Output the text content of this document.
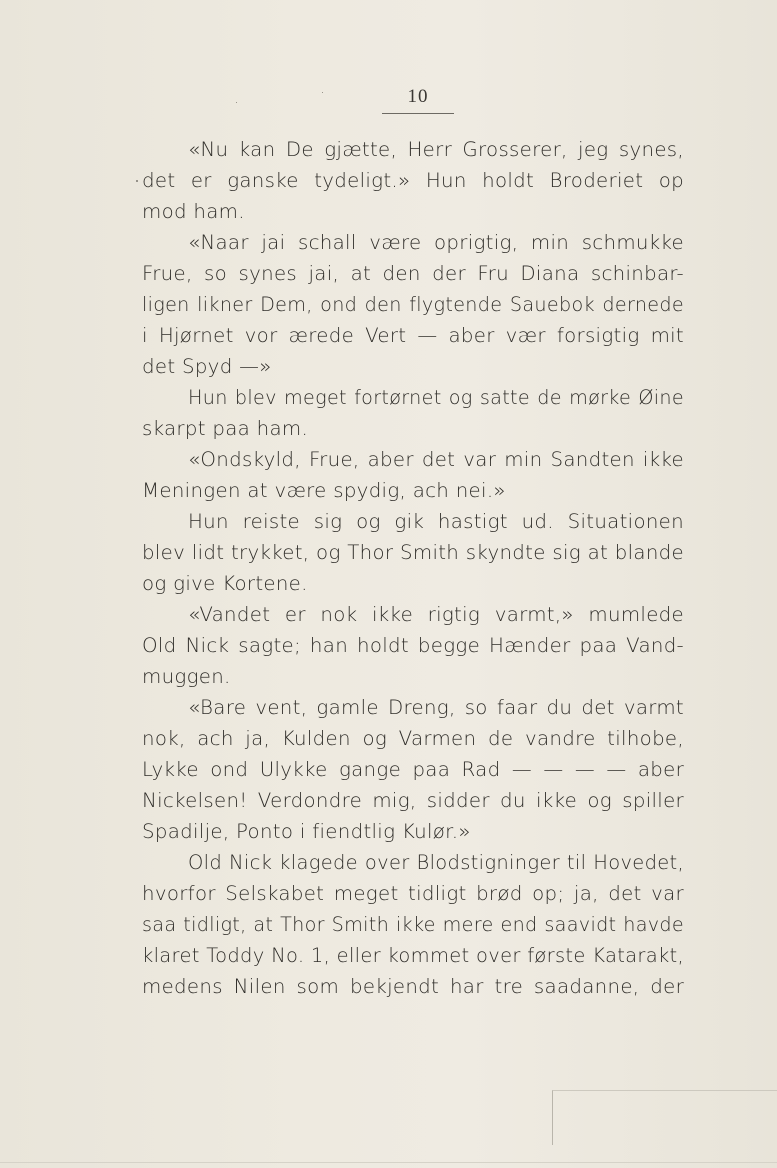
10
«Nu kan De gjætte, Herr Grosserer, jeg synes,
det er ganske tydeligt.» Hun holdt Broderiet op
mod ham.
«Naar jai schall være oprigtig, min schmukke
Frue, so synes jai, at den der Fru Diana schinbar-
ligen likner Dem, ond den flygtende Sauebok dernede
i Hjørnet vor ærede Vert — aber vær forsigtig mit
det Spyd —»
Hun blev meget fortørnet og satte de mørke Øine
skarpt paa ham.
«Ondskyld, Frue, aber det var min Sandten ikke
Meningen at være spydig, ach nei.»
Hun reiste sig og gik hastigt ud. Situationen
blev lidt trykket, og Thor Smith skyndte sig at blande
og give Kortene.
«Vandet er nok ikke rigtig varmt,» mumlede
Old Nick sagte; han holdt begge Hænder paa Vand-
muggen.
«Bare vent, gamle Dreng, so faar du det varmt
nok, ach ja, Kulden og Varmen de vandre tilhobe,
Lykke ond Ulykke gange paa Rad — — — — aber
Nickelsen! Verdondre mig, sidder du ikke og spiller
Spadilje, Ponto i fiendtlig Kulør.»
Old Nick klagede over Blodstigninger til Hovedet,
hvorfor Selskabet meget tidligt brød op; ja, det var
saa tidligt, at Thor Smith ikke mere end saavidt havde
klaret Toddy No. 1, eller kommet over første Katarakt,
medens Nilen som bekjendt har tre saadanne, der
